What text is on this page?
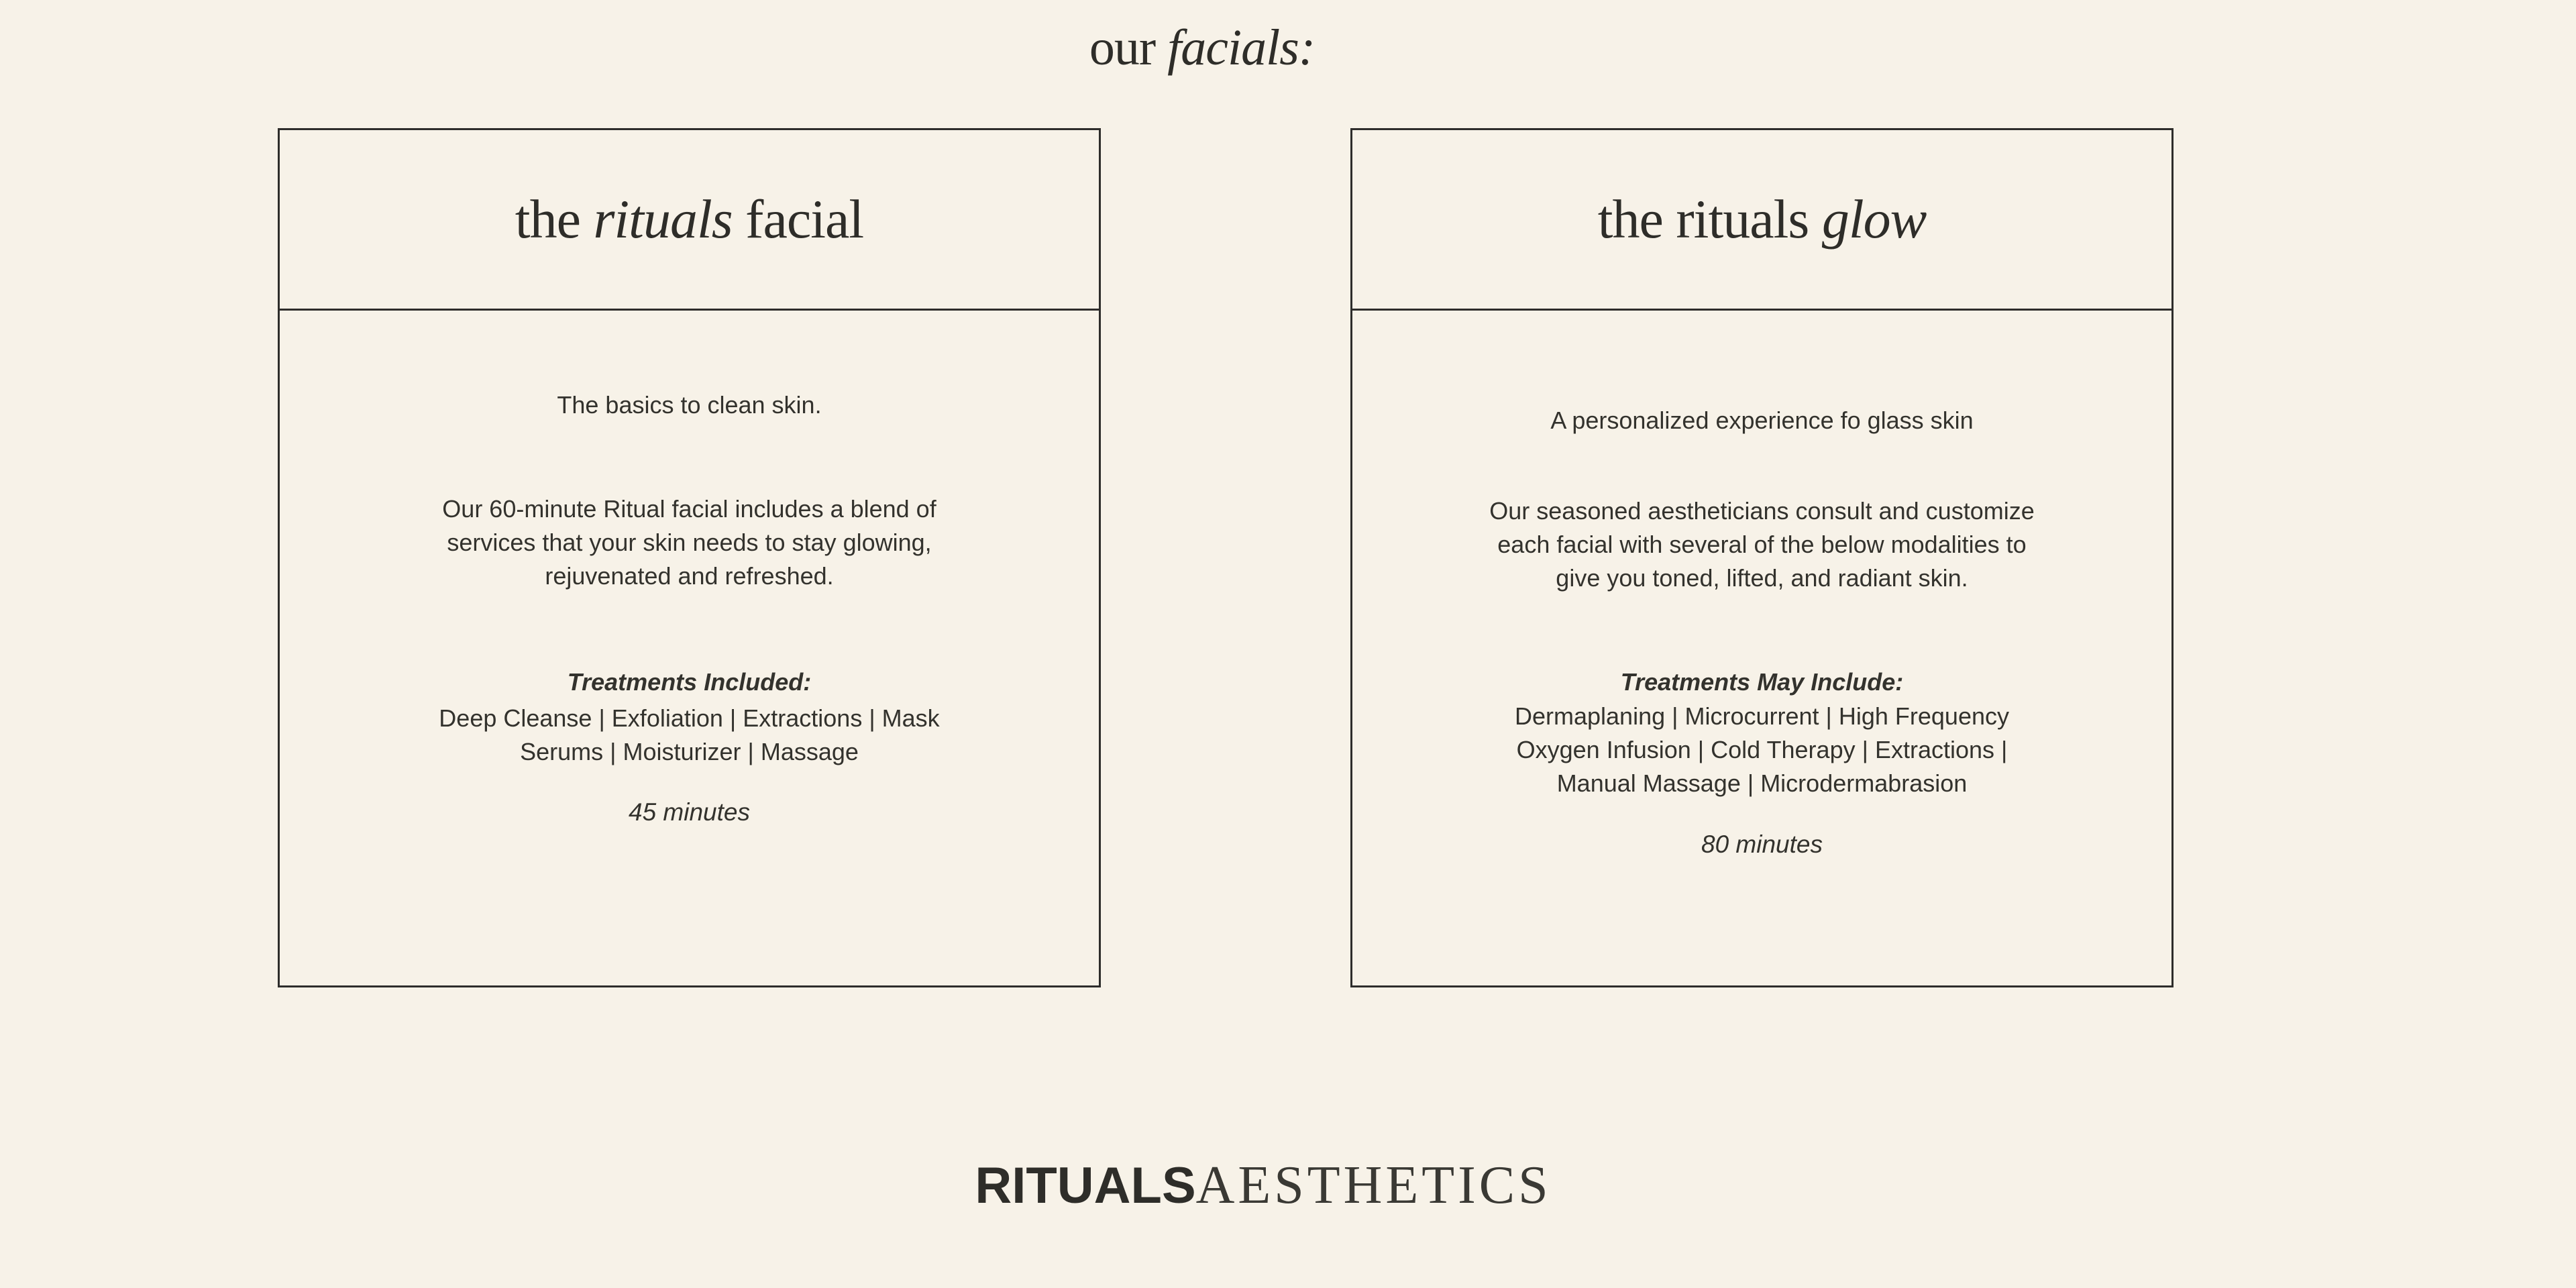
our facials:
the rituals facial
The basics to clean skin.
Our 60-minute Ritual facial includes a blend of
services that your skin needs to stay glowing,
rejuvenated and refreshed.
Treatments Included:
Deep Cleanse | Exfoliation | Extractions | Mask
Serums | Moisturizer | Massage
45 minutes
the rituals glow
A personalized experience fo glass skin
Our seasoned aestheticians consult and customize
each facial with several of the below modalities to
give you toned, lifted, and radiant skin.
Treatments May Include:
Dermaplaning | Microcurrent | High Frequency
Oxygen Infusion | Cold Therapy | Extractions |
Manual Massage | Microdermabrasion
80 minutes
RITUALSAESTHETICS
